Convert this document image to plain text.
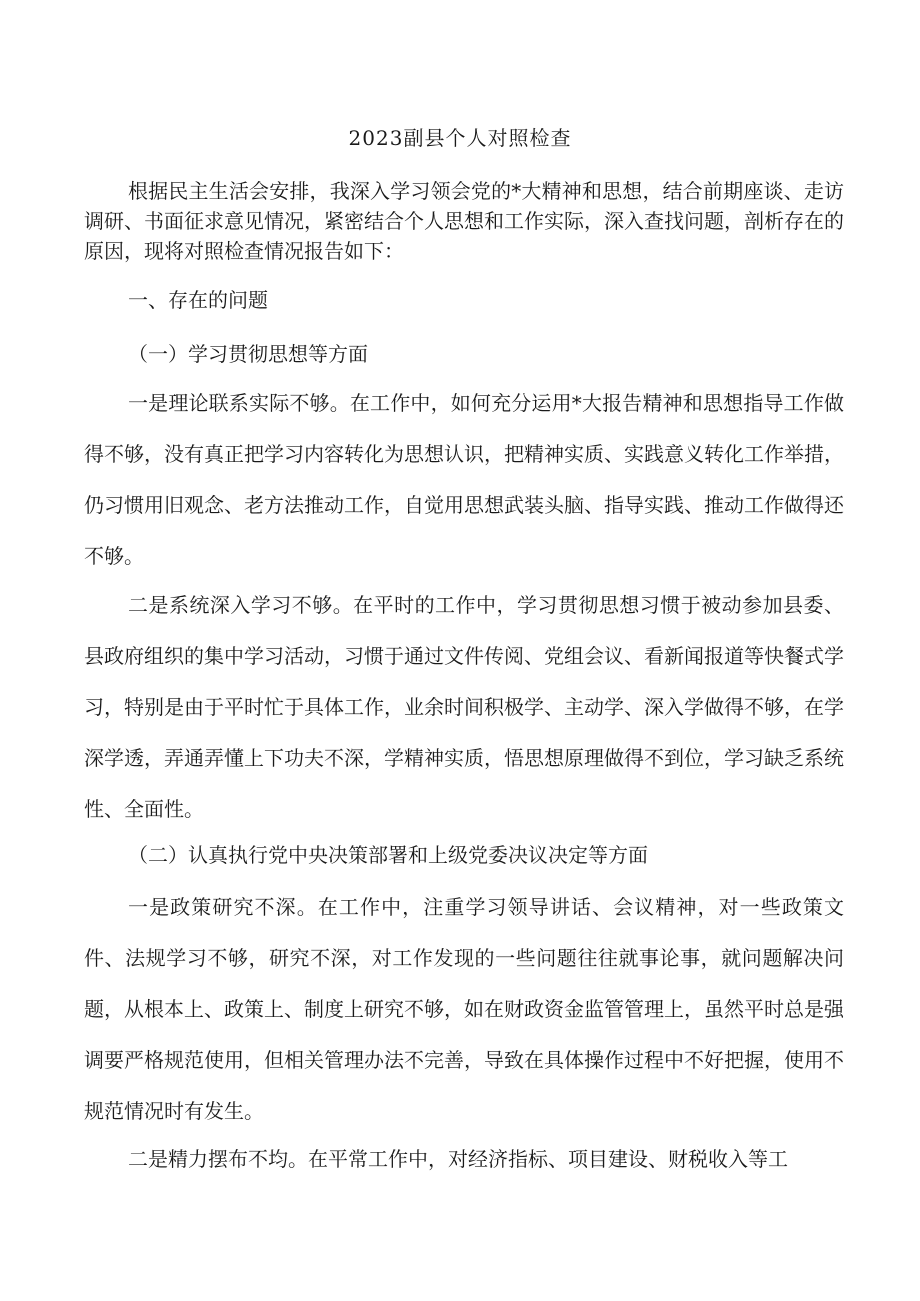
2023副县个人对照检查

根据民主生活会安排，我深入学习领会党的*大精神和思想，结合前期座谈、走访调研、书面征求意见情况，紧密结合个人思想和工作实际，深入查找问题，剖析存在的原因，现将对照检查情况报告如下：

一、存在的问题

（一）学习贯彻思想等方面

一是理论联系实际不够。在工作中，如何充分运用*大报告精神和思想指导工作做得不够，没有真正把学习内容转化为思想认识，把精神实质、实践意义转化工作举措，仍习惯用旧观念、老方法推动工作，自觉用思想武装头脑、指导实践、推动工作做得还不够。

二是系统深入学习不够。在平时的工作中，学习贯彻思想习惯于被动参加县委、县政府组织的集中学习活动，习惯于通过文件传阅、党组会议、看新闻报道等快餐式学习，特别是由于平时忙于具体工作，业余时间积极学、主动学、深入学做得不够，在学深学透，弄通弄懂上下功夫不深，学精神实质，悟思想原理做得不到位，学习缺乏系统性、全面性。

（二）认真执行党中央决策部署和上级党委决议决定等方面

一是政策研究不深。在工作中，注重学习领导讲话、会议精神，对一些政策文件、法规学习不够，研究不深，对工作发现的一些问题往往就事论事，就问题解决问题，从根本上、政策上、制度上研究不够，如在财政资金监管管理上，虽然平时总是强调要严格规范使用，但相关管理办法不完善，导致在具体操作过程中不好把握，使用不规范情况时有发生。

二是精力摆布不均。在平常工作中，对经济指标、项目建设、财税收入等工
